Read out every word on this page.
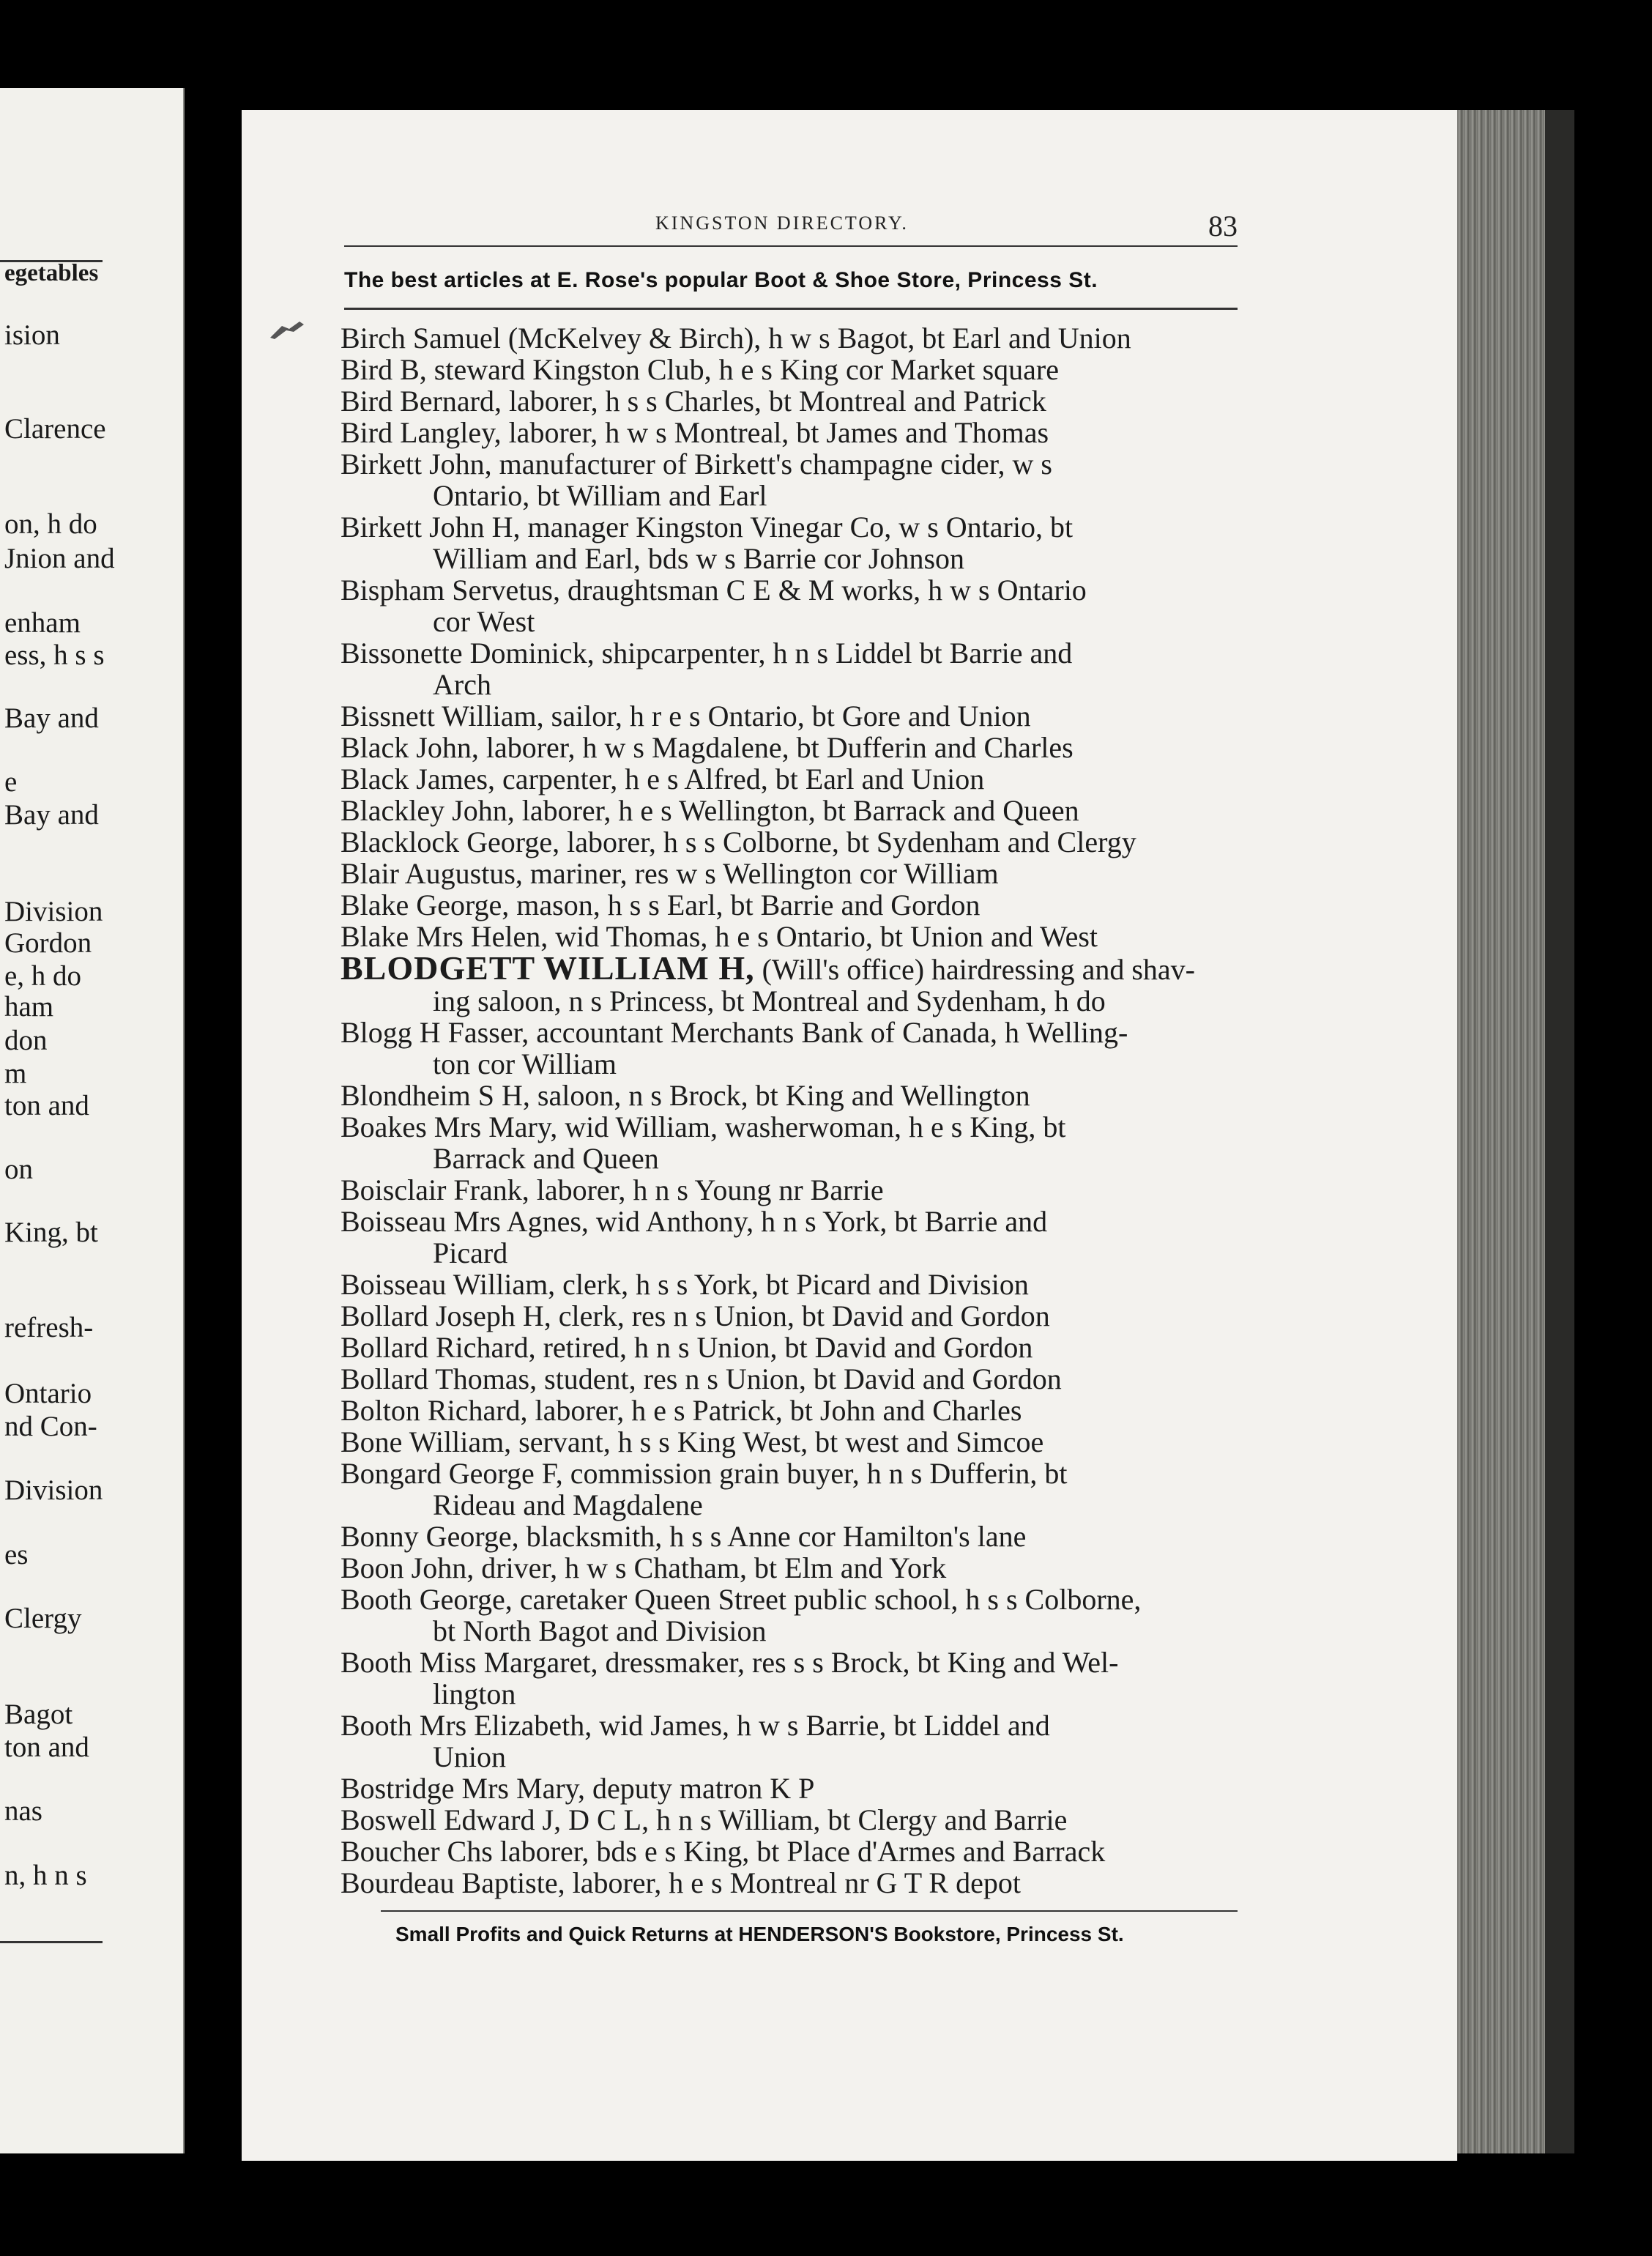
egetables
ision
Clarence
on, h do
Jnion and
enham
ess, h s s
Bay and
e
Bay and
Division
Gordon
e, h do
ham
don
m
ton and
on
King, bt
refresh-
Ontario
nd Con-
Division
es
Clergy
Bagot
ton and
nas
n, h n s
KINGSTON DIRECTORY.	83
The best articles at E. Rose's popular Boot & Shoe Store, Princess St.
Birch Samuel (McKelvey & Birch), h w s Bagot, bt Earl and Union
Bird B, steward Kingston Club, h e s King cor Market square
Bird Bernard, laborer, h s s Charles, bt Montreal and Patrick
Bird Langley, laborer, h w s Montreal, bt James and Thomas
Birkett John, manufacturer of Birkett's champagne cider, w s
Ontario, bt William and Earl
Birkett John H, manager Kingston Vinegar Co, w s Ontario, bt
William and Earl, bds w s Barrie cor Johnson
Bispham Servetus, draughtsman C E & M works, h w s Ontario
cor West
Bissonette Dominick, shipcarpenter, h n s Liddel bt Barrie and
Arch
Bissnett William, sailor, h r e s Ontario, bt Gore and Union
Black John, laborer, h w s Magdalene, bt Dufferin and Charles
Black James, carpenter, h e s Alfred, bt Earl and Union
Blackley John, laborer, h e s Wellington, bt Barrack and Queen
Blacklock George, laborer, h s s Colborne, bt Sydenham and Clergy
Blair Augustus, mariner, res w s Wellington cor William
Blake George, mason, h s s Earl, bt Barrie and Gordon
Blake Mrs Helen, wid Thomas, h e s Ontario, bt Union and West
BLODGETT WILLIAM H, (Will's office) hairdressing and shav-
ing saloon, n s Princess, bt Montreal and Sydenham, h do
Blogg H Fasser, accountant Merchants Bank of Canada, h Welling-
ton cor William
Blondheim S H, saloon, n s Brock, bt King and Wellington
Boakes Mrs Mary, wid William, washerwoman, h e s King, bt
Barrack and Queen
Boisclair Frank, laborer, h n s Young nr Barrie
Boisseau Mrs Agnes, wid Anthony, h n s York, bt Barrie and
Picard
Boisseau William, clerk, h s s York, bt Picard and Division
Bollard Joseph H, clerk, res n s Union, bt David and Gordon
Bollard Richard, retired, h n s Union, bt David and Gordon
Bollard Thomas, student, res n s Union, bt David and Gordon
Bolton Richard, laborer, h e s Patrick, bt John and Charles
Bone William, servant, h s s King West, bt west and Simcoe
Bongard George F, commission grain buyer, h n s Dufferin, bt
Rideau and Magdalene
Bonny George, blacksmith, h s s Anne cor Hamilton's lane
Boon John, driver, h w s Chatham, bt Elm and York
Booth George, caretaker Queen Street public school, h s s Colborne,
bt North Bagot and Division
Booth Miss Margaret, dressmaker, res s s Brock, bt King and Wel-
lington
Booth Mrs Elizabeth, wid James, h w s Barrie, bt Liddel and
Union
Bostridge Mrs Mary, deputy matron K P
Boswell Edward J, D C L, h n s William, bt Clergy and Barrie
Boucher Chs laborer, bds e s King, bt Place d'Armes and Barrack
Bourdeau Baptiste, laborer, h e s Montreal nr G T R depot
Small Profits and Quick Returns at HENDERSON'S Bookstore, Princess St.
